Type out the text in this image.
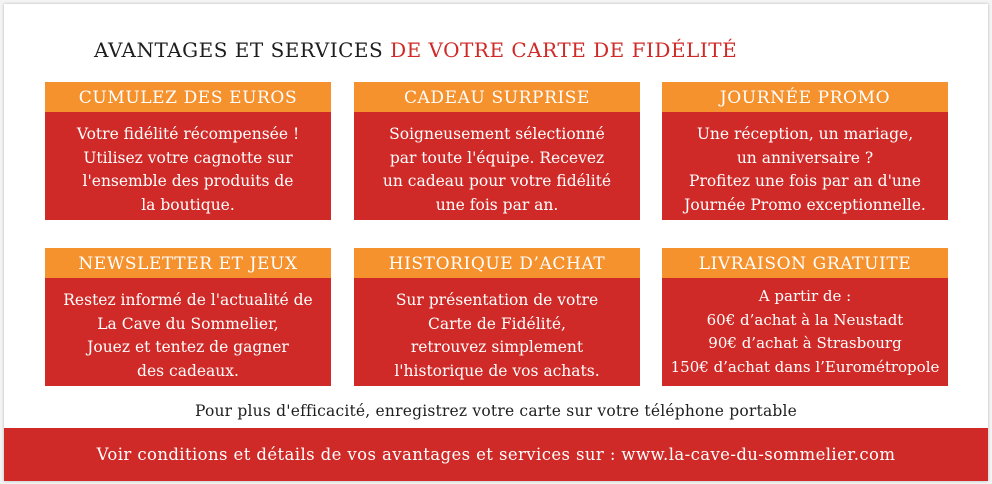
AVANTAGES ET SERVICES DE VOTRE CARTE DE FIDÉLITÉ
CUMULEZ DES EUROS
Votre fidélité récompensée !
Utilisez votre cagnotte sur
l'ensemble des produits de
la boutique.
CADEAU SURPRISE
Soigneusement sélectionné
par toute l'équipe. Recevez
un cadeau pour votre fidélité
une fois par an.
JOURNÉE PROMO
Une réception, un mariage,
un anniversaire ?
Profitez une fois par an d'une
Journée Promo exceptionnelle.
NEWSLETTER ET JEUX
Restez informé de l'actualité de
La Cave du Sommelier,
Jouez et tentez de gagner
des cadeaux.
HISTORIQUE D’ACHAT
Sur présentation de votre
Carte de Fidélité,
retrouvez simplement
l'historique de vos achats.
LIVRAISON GRATUITE
A partir de :
60€ d’achat à la Neustadt
90€ d’achat à Strasbourg
150€ d’achat dans l’Eurométropole
Pour plus d'efficacité, enregistrez votre carte sur votre téléphone portable
Voir conditions et détails de vos avantages et services sur : www.la-cave-du-sommelier.com
